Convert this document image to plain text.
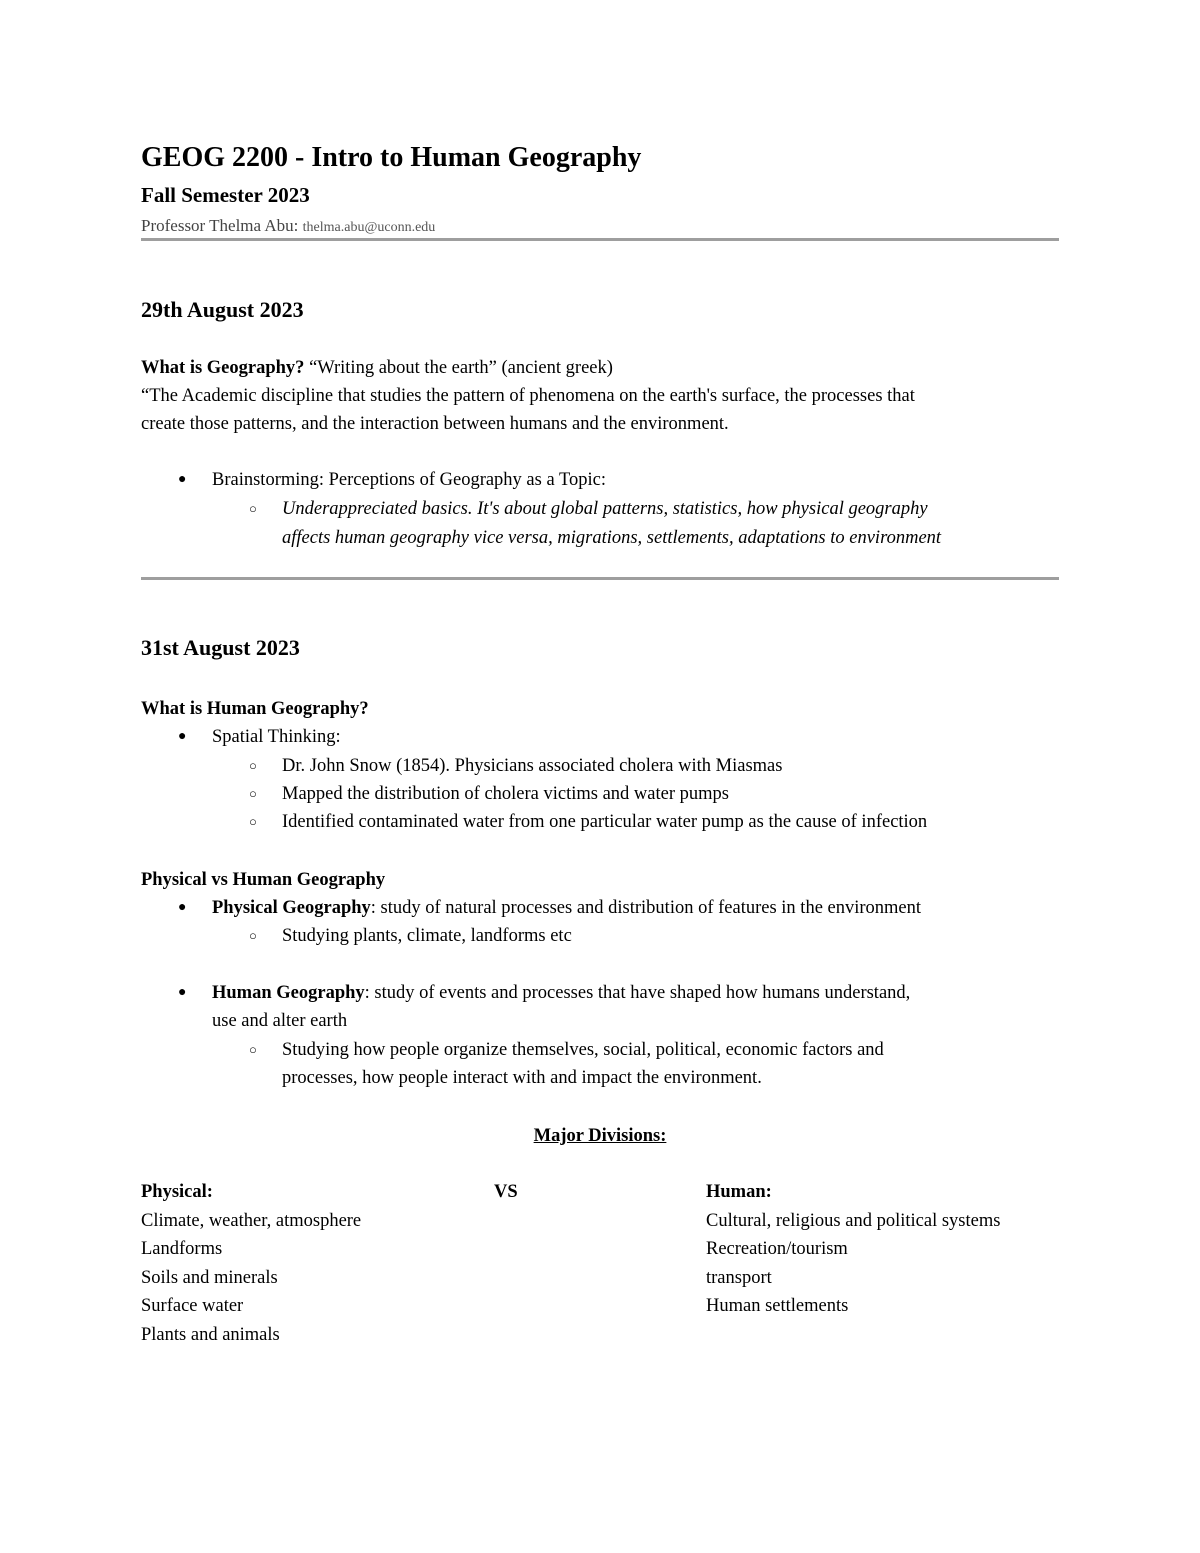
GEOG 2200 - Intro to Human Geography
Fall Semester 2023
Professor Thelma Abu: thelma.abu@uconn.edu
29th August 2023
What is Geography? “Writing about the earth” (ancient greek)
“The Academic discipline that studies the pattern of phenomena on the earth's surface, the processes that
create those patterns, and the interaction between humans and the environment.
● Brainstorming: Perceptions of Geography as a Topic:
○ Underappreciated basics. It's about global patterns, statistics, how physical geography
affects human geography vice versa, migrations, settlements, adaptations to environment
31st August 2023
What is Human Geography?
● Spatial Thinking:
○ Dr. John Snow (1854). Physicians associated cholera with Miasmas
○ Mapped the distribution of cholera victims and water pumps
○ Identified contaminated water from one particular water pump as the cause of infection
Physical vs Human Geography
● Physical Geography: study of natural processes and distribution of features in the environment
○ Studying plants, climate, landforms etc
● Human Geography: study of events and processes that have shaped how humans understand,
use and alter earth
○ Studying how people organize themselves, social, political, economic factors and
processes, how people interact with and impact the environment.
Major Divisions:
Physical:
Climate, weather, atmosphere
Landforms
Soils and minerals
Surface water
Plants and animals
VS	Human:
Cultural, religious and political systems
Recreation/tourism
transport
Human settlements
